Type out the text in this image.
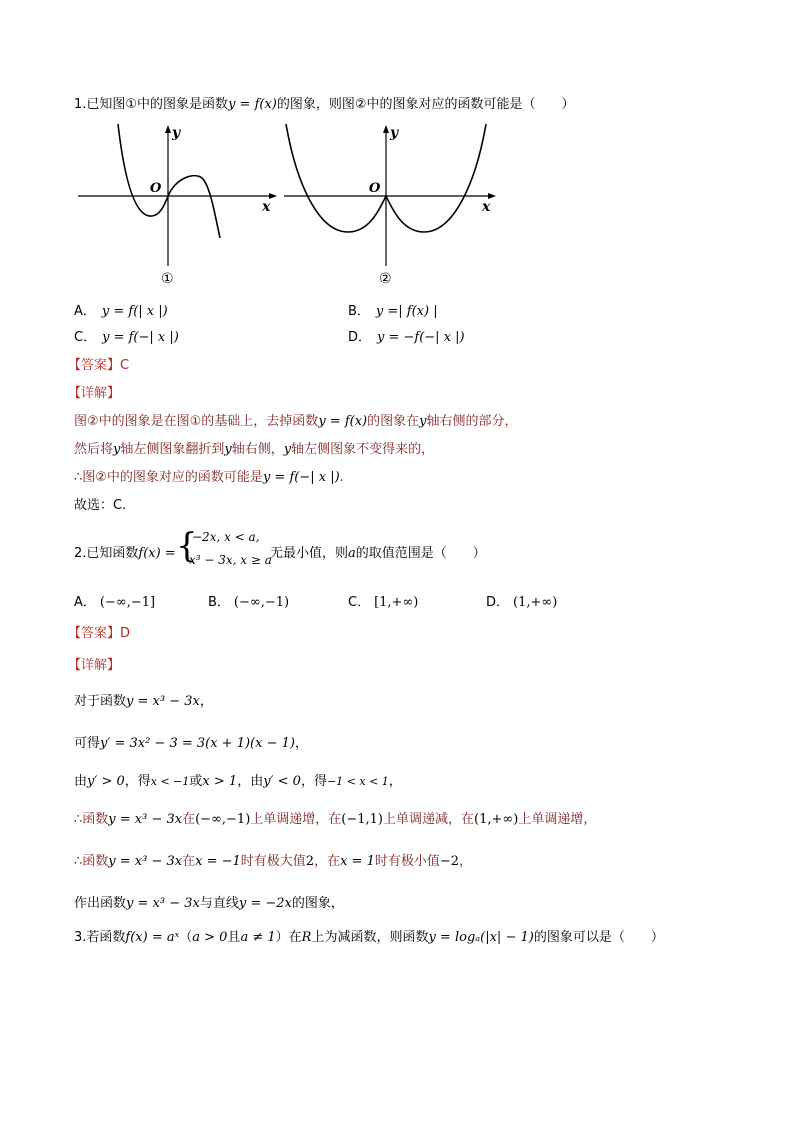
1.已知图①中的图象是函数y = f(x)的图象，则图②中的图象对应的函数可能是（　　）
y
O
x
①
y
O
x
②
A． y = f(| x |)	B． y =| f(x) |
C． y = f(−| x |)	D． y = −f(−| x |)
【答案】C
【详解】
图②中的图象是在图①的基础上，去掉函数y = f(x)的图象在y轴右侧的部分，
然后将y轴左侧图象翻折到y轴右侧，y轴左侧图象不变得来的，
∴图②中的图象对应的函数可能是y = f(−| x |).
故选：C.
2.已知函数f(x) = {
−2x, x < a,
x³ − 3x, x ≥ a
无最小值，则a的取值范围是（　　）
A． (−∞,−1]	B． (−∞,−1)	C． [1,+∞)	D． (1,+∞)
【答案】D
【详解】
对于函数y = x³ − 3x，
可得y′ = 3x² − 3 = 3(x + 1)(x − 1)，
由y′ > 0，得x < −1或x > 1，由y′ < 0，得−1 < x < 1，
∴函数y = x³ − 3x在(−∞,−1)上单调递增，在(−1,1)上单调递减，在(1,+∞)上单调递增，
∴函数y = x³ − 3x在x = −1时有极大值2，在x = 1时有极小值−2，
作出函数y = x³ − 3x与直线y = −2x的图象，
3.若函数f(x) = aˣ（a > 0且a ≠ 1）在R上为减函数，则函数y = logₐ(|x| − 1)的图象可以是（　　）
